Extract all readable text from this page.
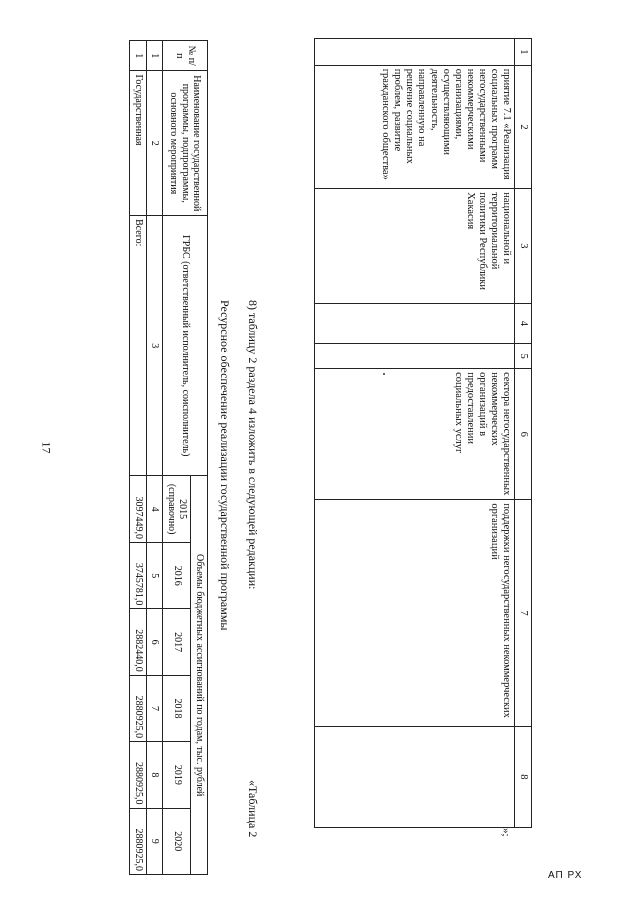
17
АП РХ
1	2	3	4	5	6	7	8
	приятие 7.1 «Реализация социальных программ негосударственными некоммерческими организациями, осуществляющими деятельность, направленную на решение социальных проблем, развитие гражданского общества»	национальной и территориальной политики Республики Хакасия			сектора негосударственных некоммерческих организаций в предоставлении социальных услуг	поддержки негосударственных некоммерческих организаций	
»;
8) таблицу 2 раздела 4 изложить в следующей редакции:
«Таблица 2
Ресурсное обеспечение реализации государственной программы
№ п/п	Наименование государственной программы, подпрограммы, основного мероприятия	ГРБС (ответственный исполнитель, соисполнитель)	Объемы бюджетных ассигнований по годам, тыс. рублей					
			2015 (справочно)	2016	2017	2018	2019	2020
1	2	3	4	5	6	7	8	9
1	Государственная	Всего:	3097449,0	3745781,0	2882440,0	2880925,0	2880925,0	2880925,0
